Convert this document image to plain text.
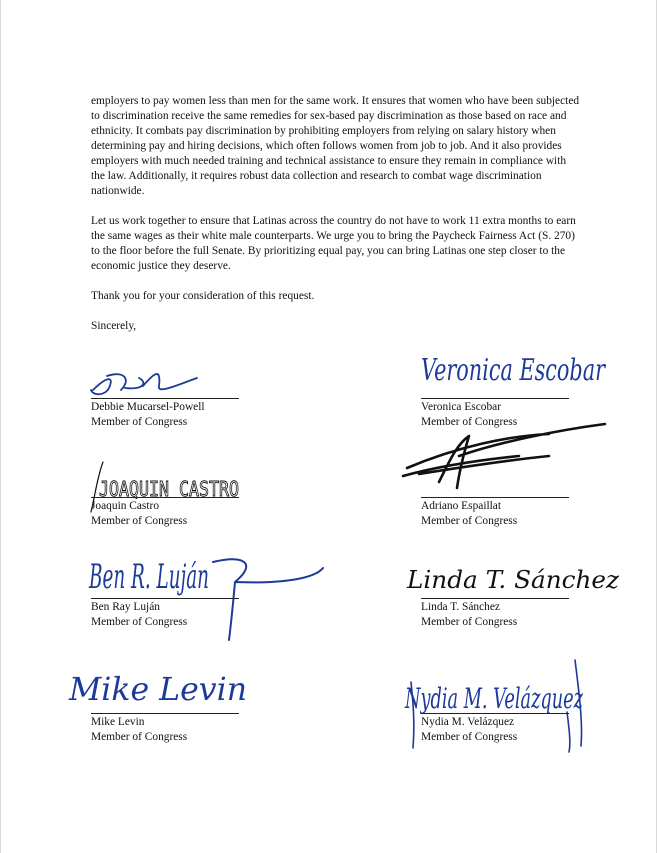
employers to pay women less than men for the same work. It ensures that women who have been subjected to discrimination receive the same remedies for sex-based pay discrimination as those based on race and ethnicity. It combats pay discrimination by prohibiting employers from relying on salary history when determining pay and hiring decisions, which often follows women from job to job. And it also provides employers with much needed training and technical assistance to ensure they remain in compliance with the law. Additionally, it requires robust data collection and research to combat wage discrimination nationwide.

Let us work together to ensure that Latinas across the country do not have to work 11 extra months to earn the same wages as their white male counterparts. We urge you to bring the Paycheck Fairness Act (S. 270) to the floor before the full Senate. By prioritizing equal pay, you can bring Latinas one step closer to the economic justice they deserve.

Thank you for your consideration of this request.

Sincerely,

Veronica Escobar
JOAQUIN CASTRO
Ben R. Luján	Linda T. Sánchez
Mike Levin	Nydia M. Velázquez
Debbie Mucarsel-Powell
Member of Congress
Joaquin Castro
Member of Congress
Ben Ray Luján
Member of Congress
Mike Levin
Member of Congress
Veronica Escobar
Member of Congress
Adriano Espaillat
Member of Congress
Linda T. Sánchez
Member of Congress
Nydia M. Velázquez
Member of Congress
